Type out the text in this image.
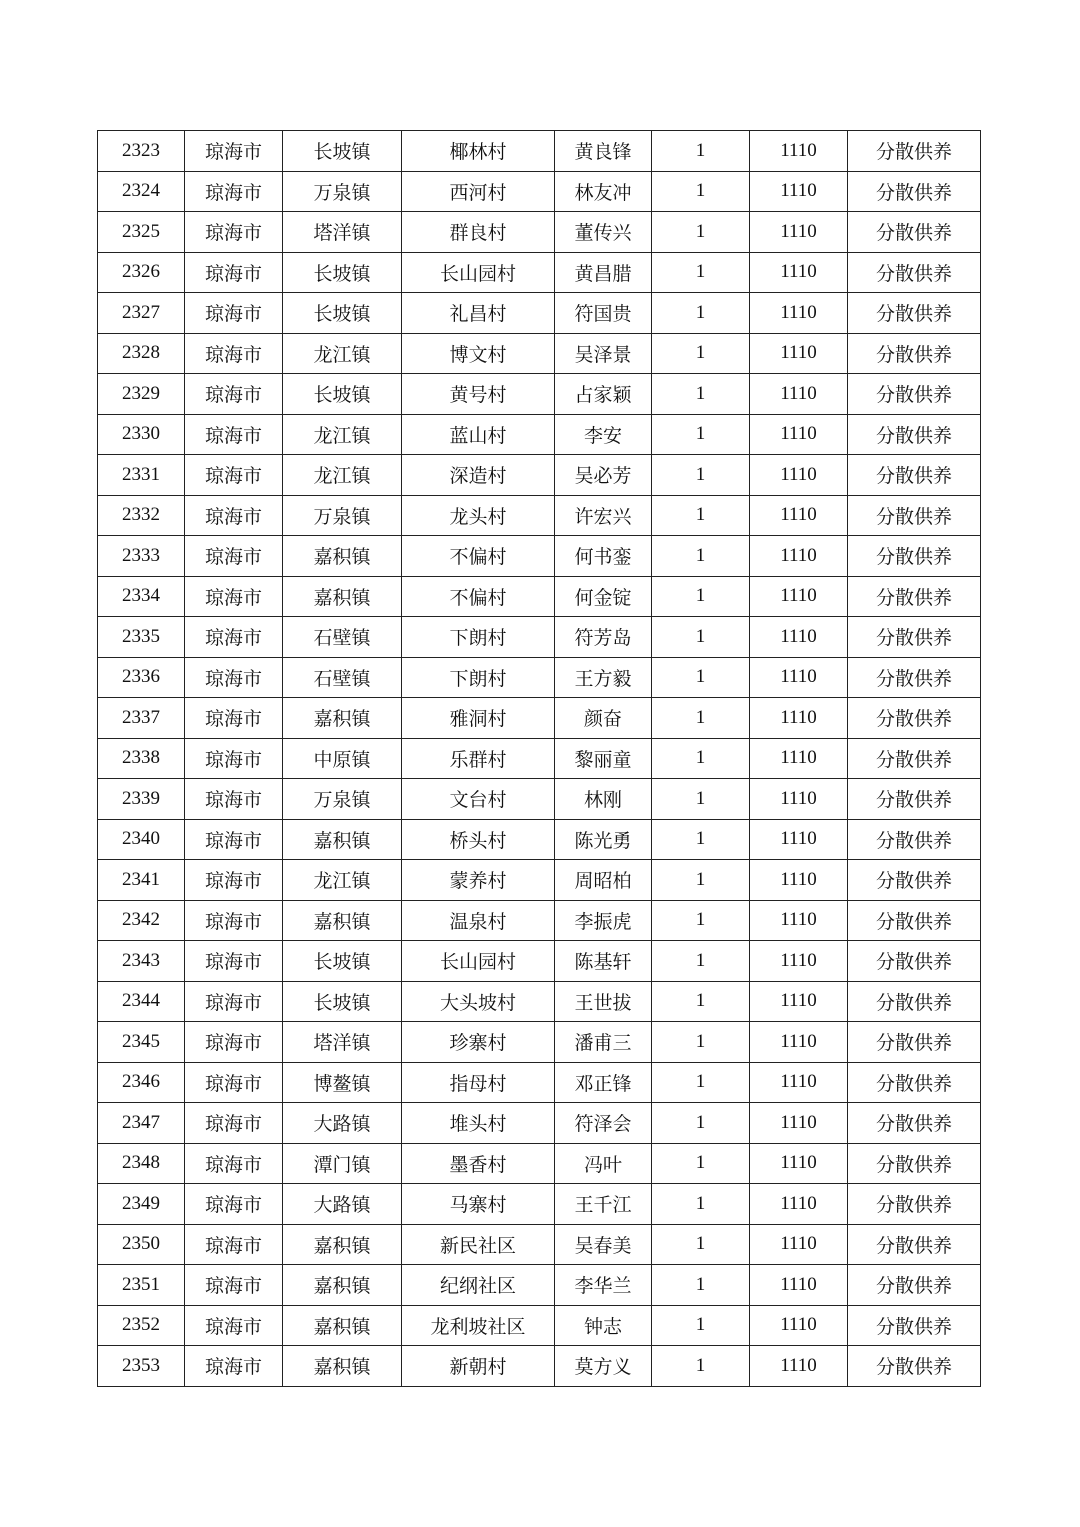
2323	琼海市	长坡镇	椰林村	黄良锋	1	1110	分散供养
2324	琼海市	万泉镇	西河村	林友冲	1	1110	分散供养
2325	琼海市	塔洋镇	群良村	董传兴	1	1110	分散供养
2326	琼海市	长坡镇	长山园村	黄昌腊	1	1110	分散供养
2327	琼海市	长坡镇	礼昌村	符国贵	1	1110	分散供养
2328	琼海市	龙江镇	博文村	吴泽景	1	1110	分散供养
2329	琼海市	长坡镇	黄号村	占家颖	1	1110	分散供养
2330	琼海市	龙江镇	蓝山村	李安	1	1110	分散供养
2331	琼海市	龙江镇	深造村	吴必芳	1	1110	分散供养
2332	琼海市	万泉镇	龙头村	许宏兴	1	1110	分散供养
2333	琼海市	嘉积镇	不偏村	何书銮	1	1110	分散供养
2334	琼海市	嘉积镇	不偏村	何金锭	1	1110	分散供养
2335	琼海市	石壁镇	下朗村	符芳岛	1	1110	分散供养
2336	琼海市	石壁镇	下朗村	王方毅	1	1110	分散供养
2337	琼海市	嘉积镇	雅洞村	颜奋	1	1110	分散供养
2338	琼海市	中原镇	乐群村	黎丽童	1	1110	分散供养
2339	琼海市	万泉镇	文台村	林刚	1	1110	分散供养
2340	琼海市	嘉积镇	桥头村	陈光勇	1	1110	分散供养
2341	琼海市	龙江镇	蒙养村	周昭柏	1	1110	分散供养
2342	琼海市	嘉积镇	温泉村	李振虎	1	1110	分散供养
2343	琼海市	长坡镇	长山园村	陈基轩	1	1110	分散供养
2344	琼海市	长坡镇	大头坡村	王世拔	1	1110	分散供养
2345	琼海市	塔洋镇	珍寨村	潘甫三	1	1110	分散供养
2346	琼海市	博鳌镇	指母村	邓正锋	1	1110	分散供养
2347	琼海市	大路镇	堆头村	符泽会	1	1110	分散供养
2348	琼海市	潭门镇	墨香村	冯叶	1	1110	分散供养
2349	琼海市	大路镇	马寨村	王千江	1	1110	分散供养
2350	琼海市	嘉积镇	新民社区	吴春美	1	1110	分散供养
2351	琼海市	嘉积镇	纪纲社区	李华兰	1	1110	分散供养
2352	琼海市	嘉积镇	龙利坡社区	钟志	1	1110	分散供养
2353	琼海市	嘉积镇	新朝村	莫方义	1	1110	分散供养
